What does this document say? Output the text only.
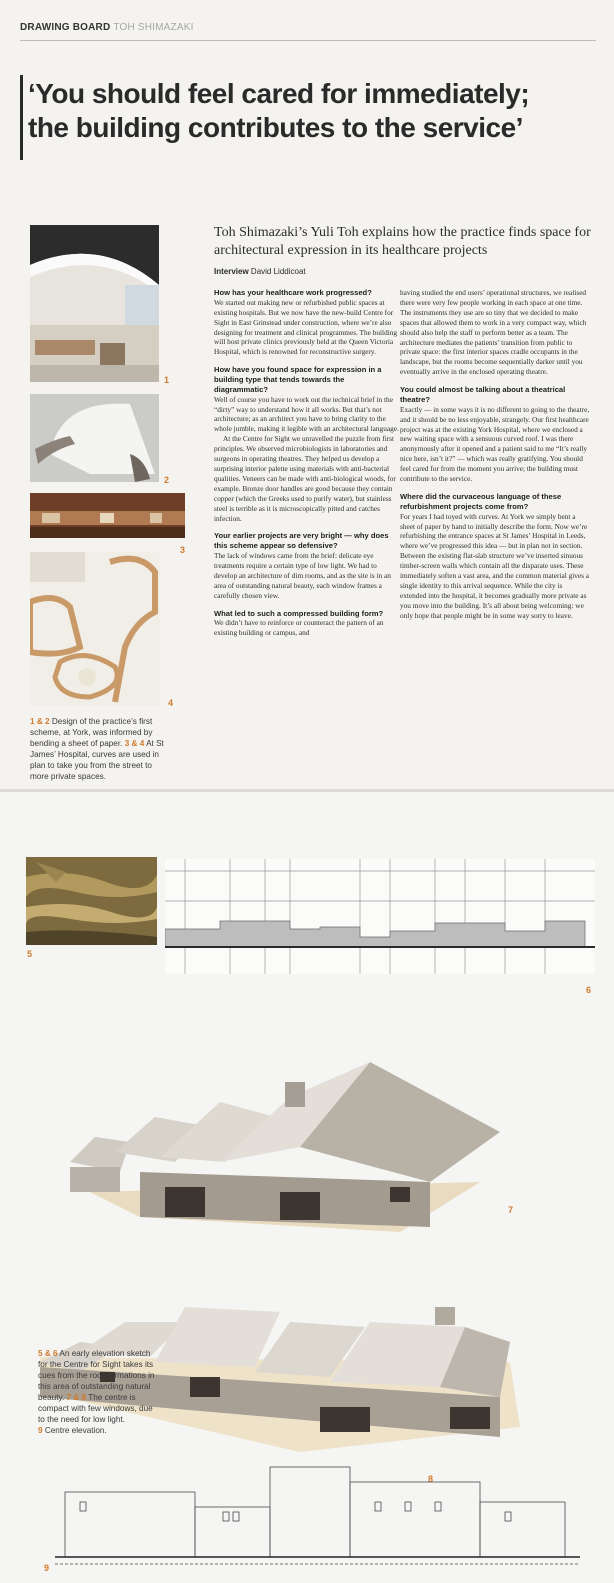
DRAWING BOARD TOH SHIMAZAKI
‘You should feel cared for immediately;
the building contributes to the service’
1
2
3
4
1 & 2 Design of the practice’s first scheme, at York, was informed by bending a sheet of paper. 3 & 4 At St James’ Hospital, curves are used in plan to take you from the street to more private spaces.
Toh Shimazaki’s Yuli Toh explains how the practice finds space for architectural expression in its healthcare projects
Interview David Liddicoat

How has your healthcare work progressed?

We started out making new or refurbished public spaces at existing hospitals. But we now have the new-build Centre for Sight in East Grinstead under construction, where we’re also designing for treatment and clinical programmes. The building will host private clinics previously held at the Queen Victoria Hospital, which is renowned for reconstructive surgery.

How have you found space for expression in a building type that tends towards the diagrammatic?

Well of course you have to work out the technical brief in the “dirty” way to understand how it all works. But that’s not architecture; as an architect you have to bring clarity to the whole jumble, making it legible with an architectural language.

At the Centre for Sight we unravelled the puzzle from first principles. We observed microbiologists in laboratories and surgeons in operating theatres. They helped us develop a surprising interior palette using materials with anti-bacterial qualities. Veneers can be made with anti-biological woods, for example. Bronze door handles are good because they contain copper (which the Greeks used to purify water), but stainless steel is terrible as it is microscopically pitted and catches infection.

Your earlier projects are very bright — why does this scheme appear so defensive?

The lack of windows came from the brief: delicate eye treatments require a certain type of low light. We had to develop an architecture of dim rooms, and as the site is in an area of outstanding natural beauty, each window frames a carefully chosen view.

What led to such a compressed building form?

We didn’t have to reinforce or counteract the pattern of an existing building or campus, and

having studied the end users’ operational structures, we realised there were very few people working in each space at one time. The instruments they use are so tiny that we decided to make spaces that allowed them to work in a very compact way, which should also help the staff to perform better as a team. The architecture mediates the patients’ transition from public to private space: the first interior spaces cradle occupants in the landscape, but the rooms become sequentially darker until you eventually arrive in the enclosed operating theatre.

You could almost be talking about a theatrical theatre?

Exactly — in some ways it is no different to going to the theatre, and it should be no less enjoyable, strangely. Our first healthcare project was at the existing York Hospital, where we enclosed a new waiting space with a sensuous curved roof. I was there anonymously after it opened and a patient said to me “It’s really nice here, isn’t it?” — which was really gratifying. You should feel cared for from the moment you arrive; the building must contribute to the service.

Where did the curvaceous language of these refurbishment projects come from?

For years I had toyed with curves. At York we simply bent a sheet of paper by hand to initially describe the form. Now we’re refurbishing the entrance spaces at St James’ Hospital in Leeds, where we’ve progressed this idea — but in plan not in section. Between the existing flat-slab structure we’ve inserted sinuous timber-screen walls which contain all the disparate uses. These immediately soften a vast area, and the common material gives a single identity to this arrival sequence. While the city is extended into the hospital, it becomes gradually more private as you move into the building. It’s all about being welcoming: we only hope that people might be in some way sorry to leave.

5
6
7
8
5 & 6 An early elevation sketch for the Centre for Sight takes its cues from the rock formations in this area of outstanding natural beauty. 7 & 8 The centre is compact with few windows, due to the need for low light.
9 Centre elevation.
9
